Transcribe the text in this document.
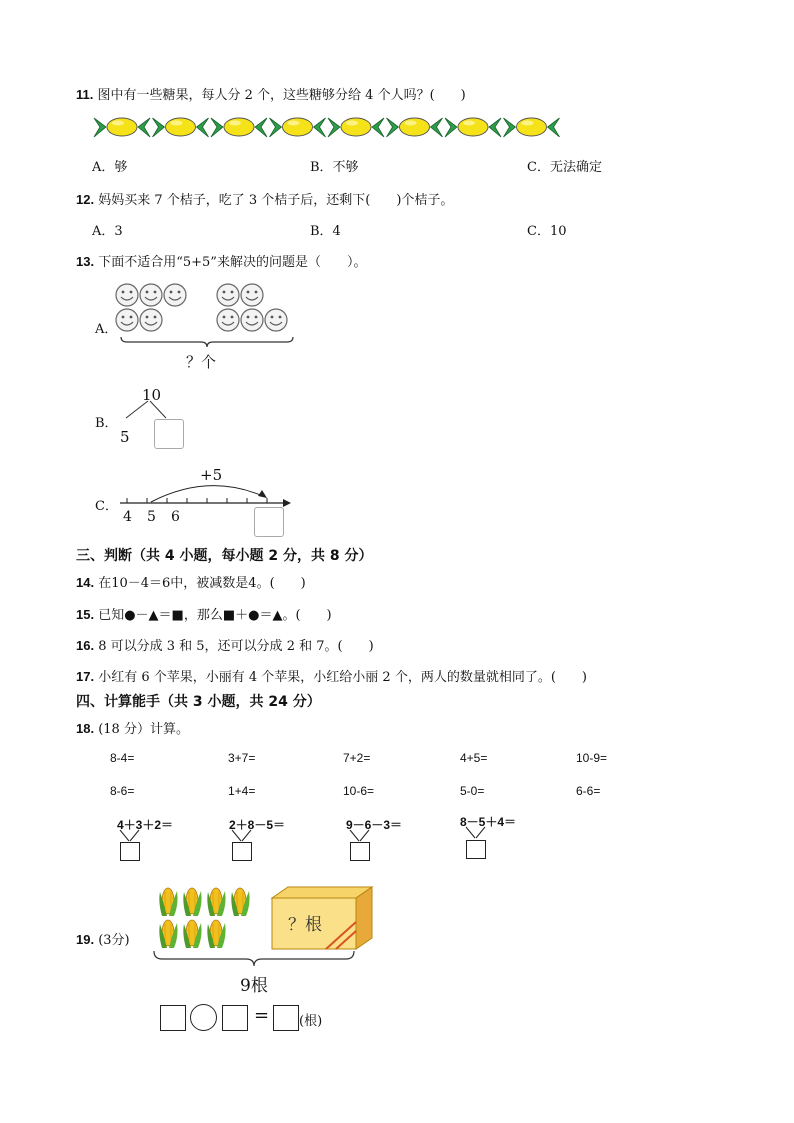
11. 图中有一些糖果，每人分 2 个，这些糖够分给 4 个人吗？(　　)
A．够	B．不够	C．无法确定
12. 妈妈买来 7 个桔子，吃了 3 个桔子后，还剩下(　　)个桔子。
A．3	B．4	C．10
13. 下面不适合用“5+5”来解决的问题是（　　）。
A．
？个
B．
10
5
C．
+5
4 5 6
三、判断（共 4 小题，每小题 2 分，共 8 分）
14. 在10－4＝6中，被减数是4。(　　)
15. 已知●－▲＝■，那么■＋●＝▲。(　　)
16. 8 可以分成 3 和 5，还可以分成 2 和 7。(　　)
17. 小红有 6 个苹果，小丽有 4 个苹果，小红给小丽 2 个，两人的数量就相同了。(　　)
四、计算能手（共 3 小题，共 24 分）
18. (18 分）计算。
8-4=	3+7=	7+2=	4+5=	10-9=
8-6=	1+4=	10-6=	5-0=	6-6=
4＋3＋2＝	2＋8－5＝	9－6－3＝	8－5＋4＝
19. (3分)
？根
9根
= (根)
